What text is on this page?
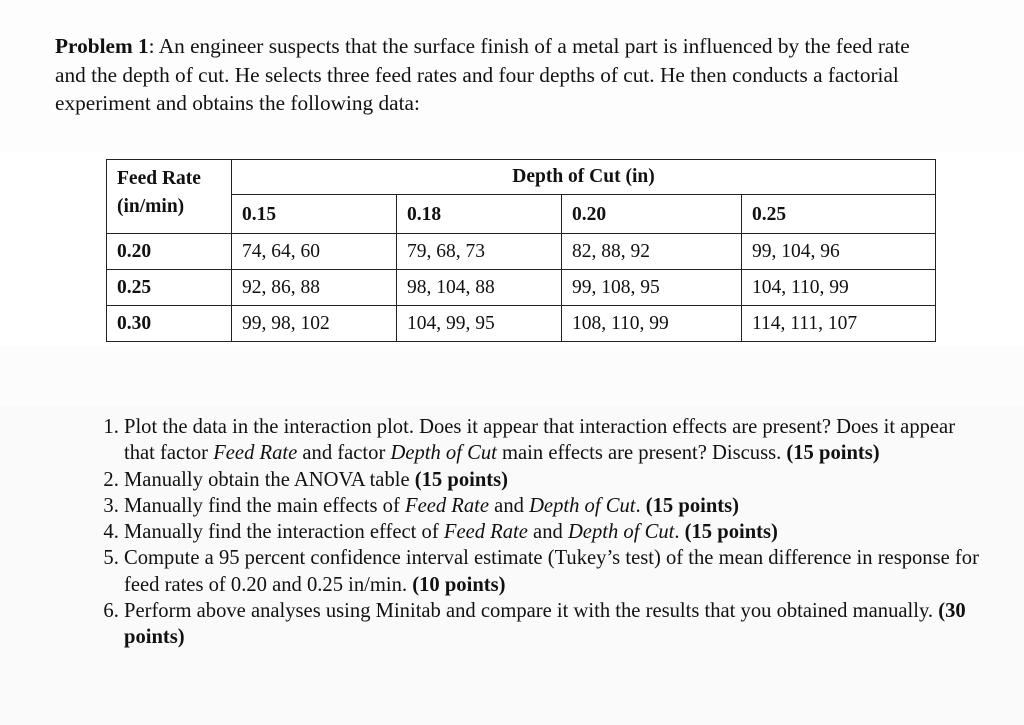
Problem 1: An engineer suspects that the surface finish of a metal part is influenced by the feed rate and the depth of cut. He selects three feed rates and four depths of cut. He then conducts a factorial experiment and obtains the following data:

Feed Rate
(in/min)	Depth of Cut (in)			
	0.15	0.18	0.20	0.25
0.20	74, 64, 60	79, 68, 73	82, 88, 92	99, 104, 96
0.25	92, 86, 88	98, 104, 88	99, 108, 95	104, 110, 99
0.30	99, 98, 102	104, 99, 95	108, 110, 99	114, 111, 107
1. Plot the data in the interaction plot. Does it appear that interaction effects are present? Does it appear that factor Feed Rate and factor Depth of Cut main effects are present? Discuss. (15 points)
2. Manually obtain the ANOVA table (15 points)
3. Manually find the main effects of Feed Rate and Depth of Cut. (15 points)
4. Manually find the interaction effect of Feed Rate and Depth of Cut. (15 points)
5. Compute a 95 percent confidence interval estimate (Tukey’s test) of the mean difference in response for feed rates of 0.20 and 0.25 in/min. (10 points)
6. Perform above analyses using Minitab and compare it with the results that you obtained manually. (30 points)
